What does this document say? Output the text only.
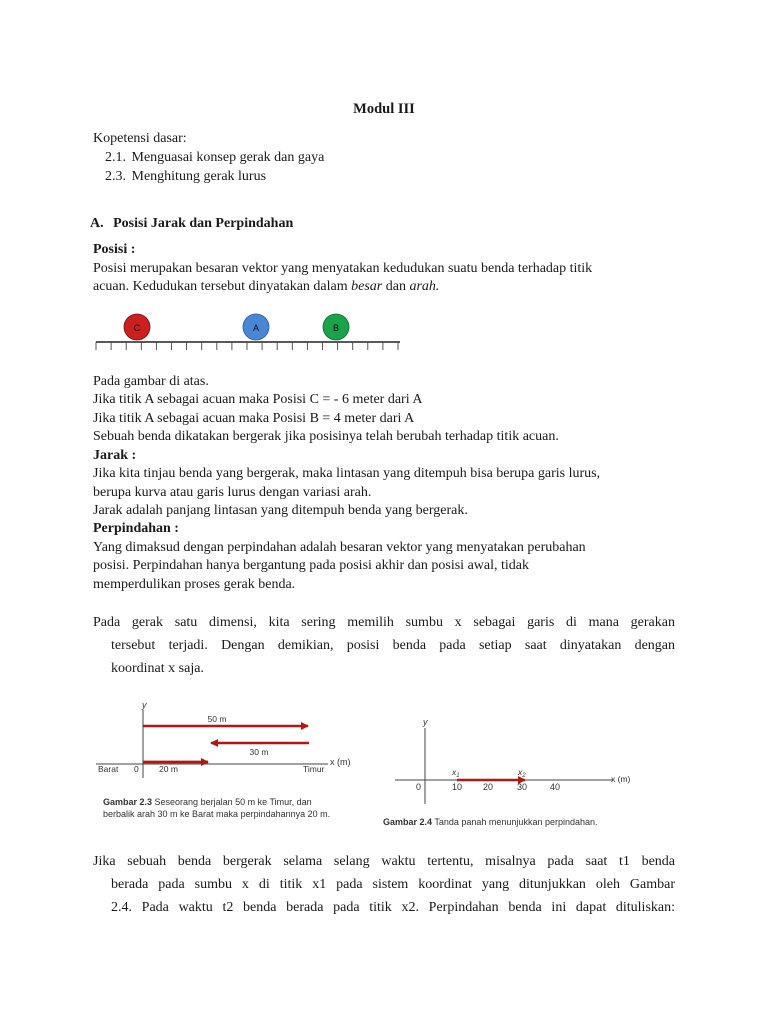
Modul III
Kopetensi dasar:
2.1. Menguasai konsep gerak dan gaya
2.3. Menghitung gerak lurus
A. Posisi Jarak dan Perpindahan
Posisi :
Posisi merupakan besaran vektor yang menyatakan kedudukan suatu benda terhadap titik
acuan. Kedudukan tersebut dinyatakan dalam besar dan arah.
C	A	B
Pada gambar di atas.
Jika titik A sebagai acuan maka Posisi C = - 6 meter dari A
Jika titik A sebagai acuan maka Posisi B = 4 meter dari A
Sebuah benda dikatakan bergerak jika posisinya telah berubah terhadap titik acuan.
Jarak :
Jika kita tinjau benda yang bergerak, maka lintasan yang ditempuh bisa berupa garis lurus,
berupa kurva atau garis lurus dengan variasi arah.
Jarak adalah panjang lintasan yang ditempuh benda yang bergerak.
Perpindahan :
Yang dimaksud dengan perpindahan adalah besaran vektor yang menyatakan perubahan
posisi. Perpindahan hanya bergantung pada posisi akhir dan posisi awal, tidak
memperdulikan proses gerak benda.
Pada gerak satu dimensi, kita sering memilih sumbu x sebagai garis di mana gerakan
tersebut terjadi. Dengan demikian, posisi benda pada setiap saat dinyatakan dengan
koordinat x saja.
y
x (m)
50 m
30 m
Barat 0 20 m	Timur
Gambar 2.3 Seseorang berjalan 50 m ke Timur, dan
berbalik arah 30 m ke Barat maka perpindahannya 20 m.
y
x (m)
$x_1$	$x_2$
0	10 20	30	40
Gambar 2.4 Tanda panah menunjukkan perpindahan.
Jika sebuah benda bergerak selama selang waktu tertentu, misalnya pada saat t1 benda
berada pada sumbu x di titik x1 pada sistem koordinat yang ditunjukkan oleh Gambar
2.4. Pada waktu t2 benda berada pada titik x2. Perpindahan benda ini dapat dituliskan:
